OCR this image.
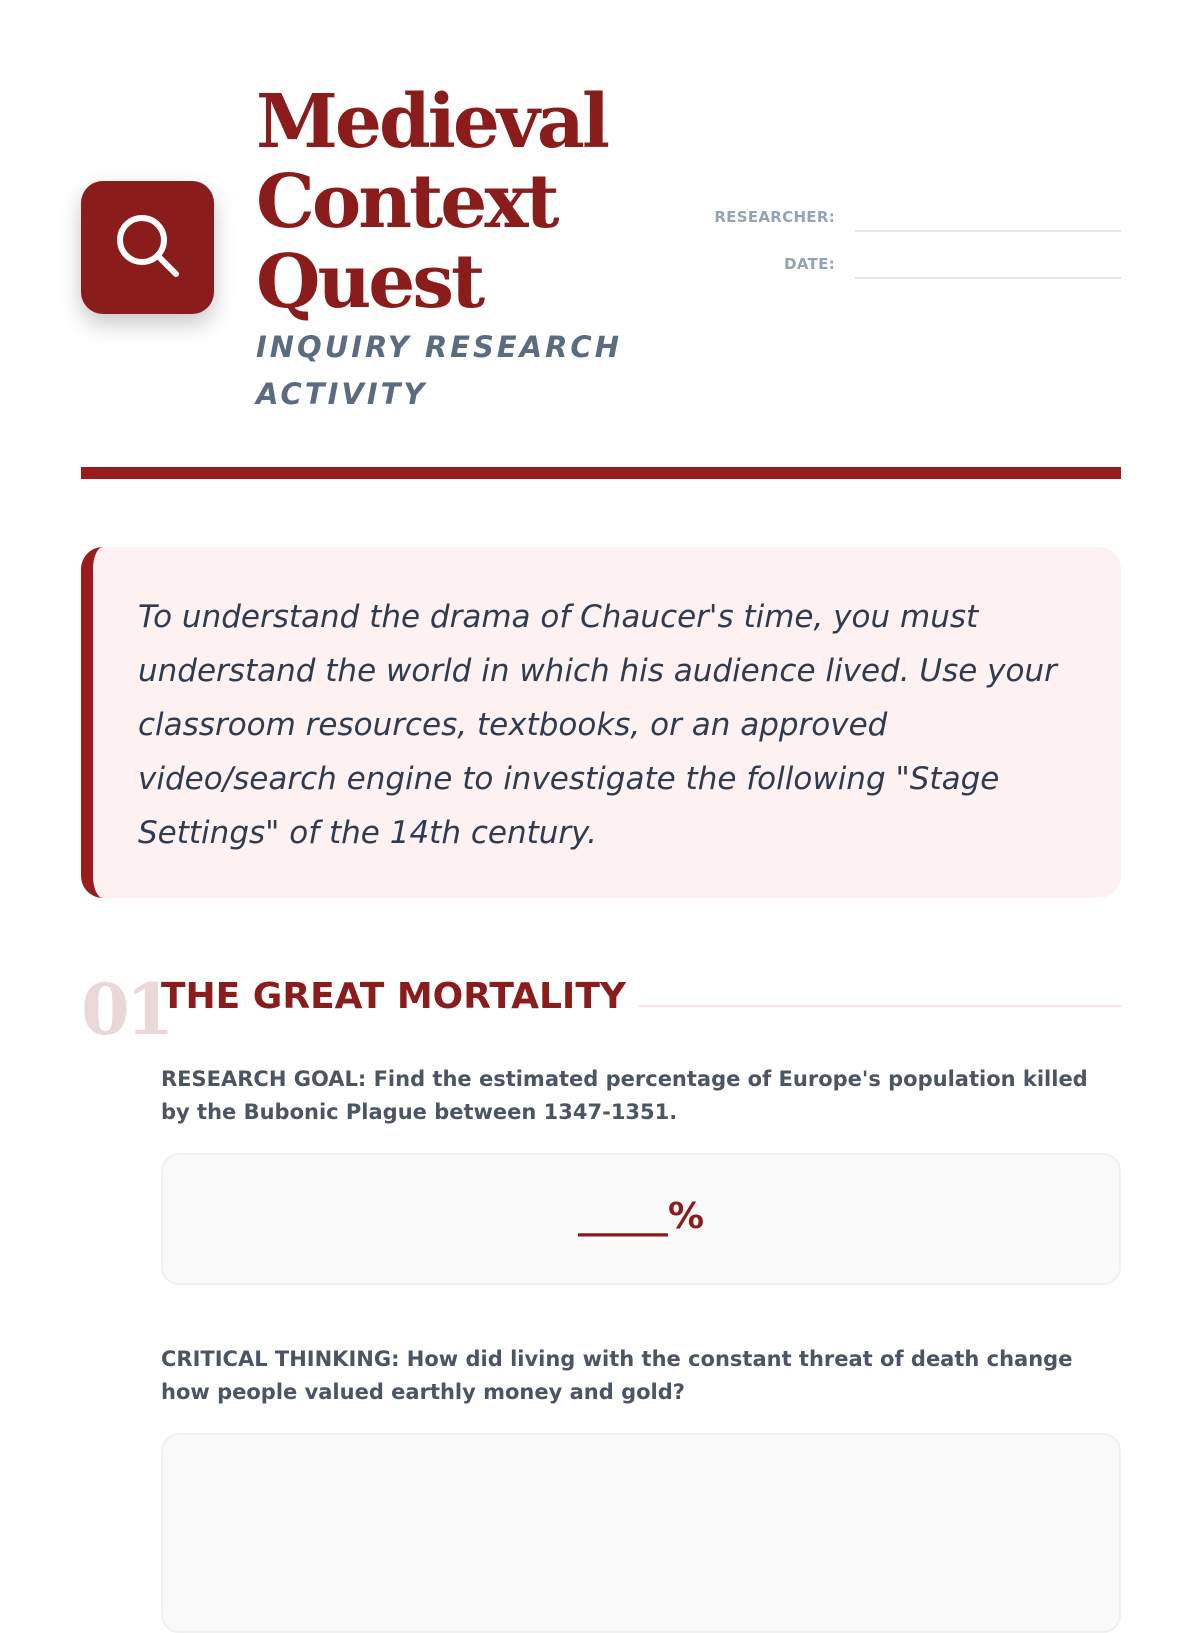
Medieval
Context
Quest

INQUIRY RESEARCH ACTIVITY

RESEARCHER:
DATE:

To understand the drama of Chaucer's time, you must understand the world in which his audience lived. Use your classroom resources, textbooks, or an approved video/search engine to investigate the following "Stage Settings" of the 14th century.

01
THE GREAT MORTALITY

RESEARCH GOAL: Find the estimated percentage of Europe's population killed by the Bubonic Plague between 1347-1351.

_____%

CRITICAL THINKING: How did living with the constant threat of death change how people valued earthly money and gold?
